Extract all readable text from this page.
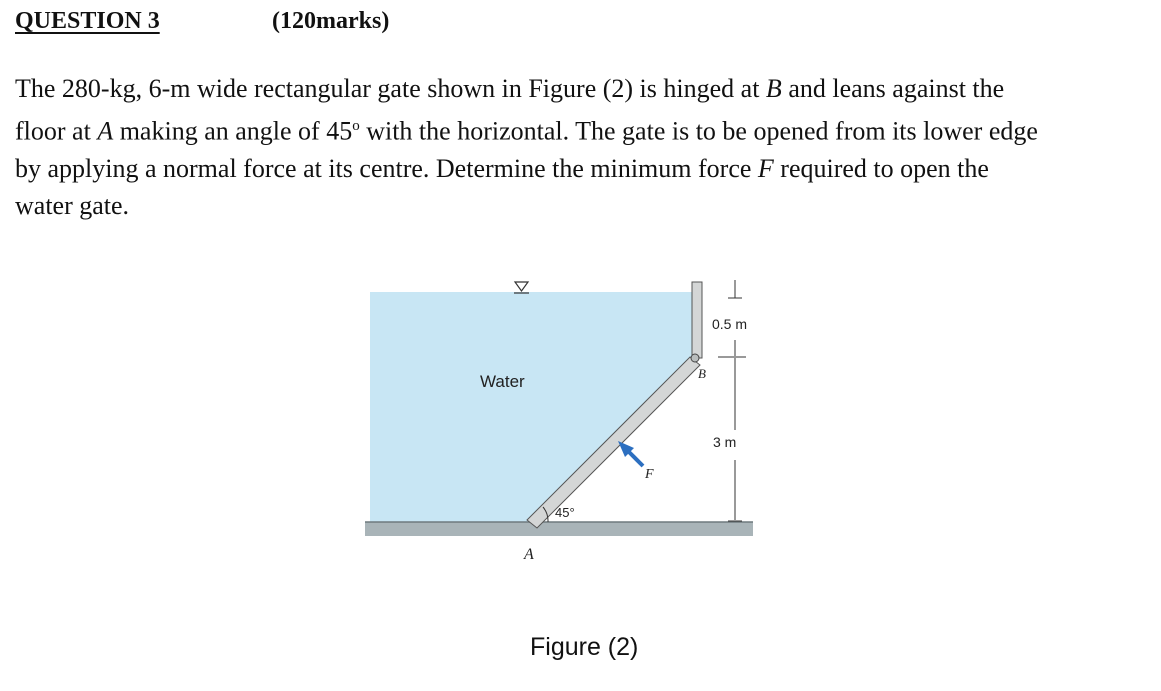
QUESTION 3	(120marks)
The 280-kg, 6-m wide rectangular gate shown in Figure (2) is hinged at B and leans against the
floor at A making an angle of 45$^o$ with the horizontal. The gate is to be opened from its lower edge
by applying a normal force at its centre. Determine the minimum force F required to open the
water gate.
Water
45°
A
B
F
0.5 m
3 m
Figure (2)
